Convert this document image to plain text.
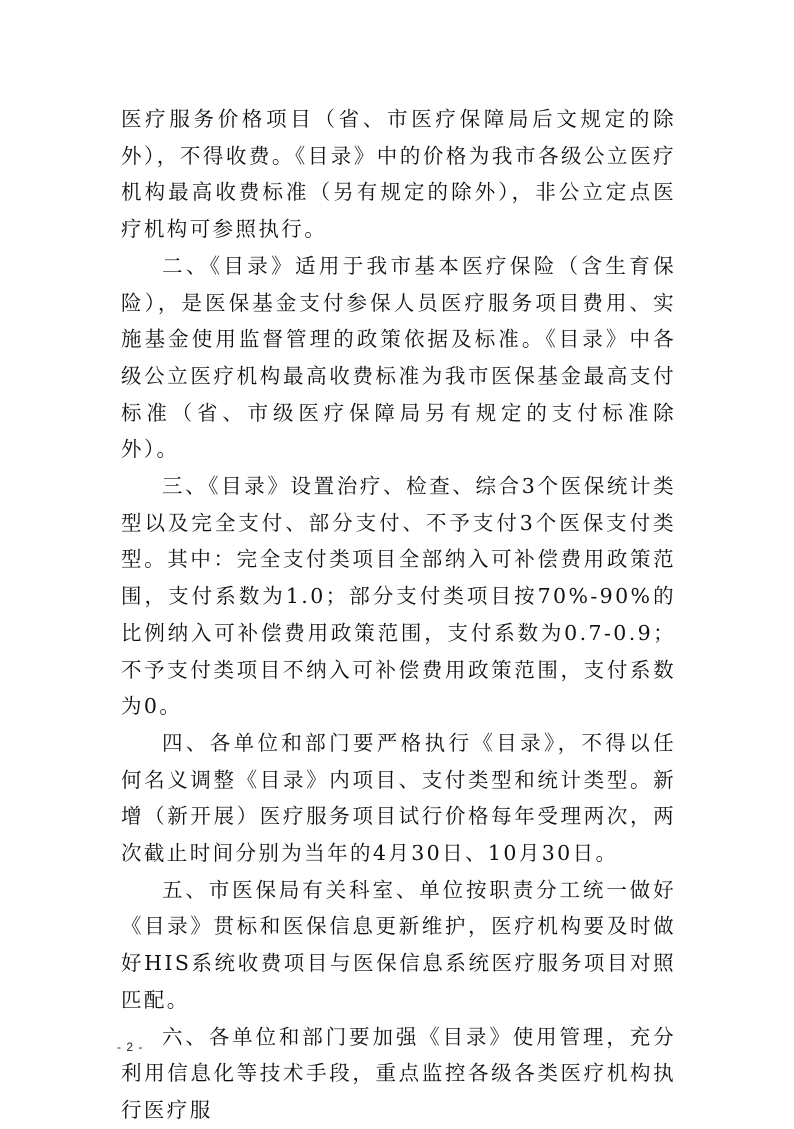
医疗服务价格项目（省、市医疗保障局后文规定的除外），不得收费。《目录》中的价格为我市各级公立医疗机构最高收费标准（另有规定的除外），非公立定点医疗机构可参照执行。

二、《目录》适用于我市基本医疗保险（含生育保险），是医保基金支付参保人员医疗服务项目费用、实施基金使用监督管理的政策依据及标准。《目录》中各级公立医疗机构最高收费标准为我市医保基金最高支付标准（省、市级医疗保障局另有规定的支付标准除外）。

三、《目录》设置治疗、检查、综合3个医保统计类型以及完全支付、部分支付、不予支付3个医保支付类型。其中：完全支付类项目全部纳入可补偿费用政策范围，支付系数为1.0；部分支付类项目按70%-90%的比例纳入可补偿费用政策范围，支付系数为0.7-0.9；不予支付类项目不纳入可补偿费用政策范围，支付系数为0。

四、各单位和部门要严格执行《目录》，不得以任何名义调整《目录》内项目、支付类型和统计类型。新增（新开展）医疗服务项目试行价格每年受理两次，两次截止时间分别为当年的4月30日、10月30日。

五、市医保局有关科室、单位按职责分工统一做好《目录》贯标和医保信息更新维护，医疗机构要及时做好HIS系统收费项目与医保信息系统医疗服务项目对照匹配。

六、各单位和部门要加强《目录》使用管理，充分利用信息化等技术手段，重点监控各级各类医疗机构执行医疗服

- 2 -
